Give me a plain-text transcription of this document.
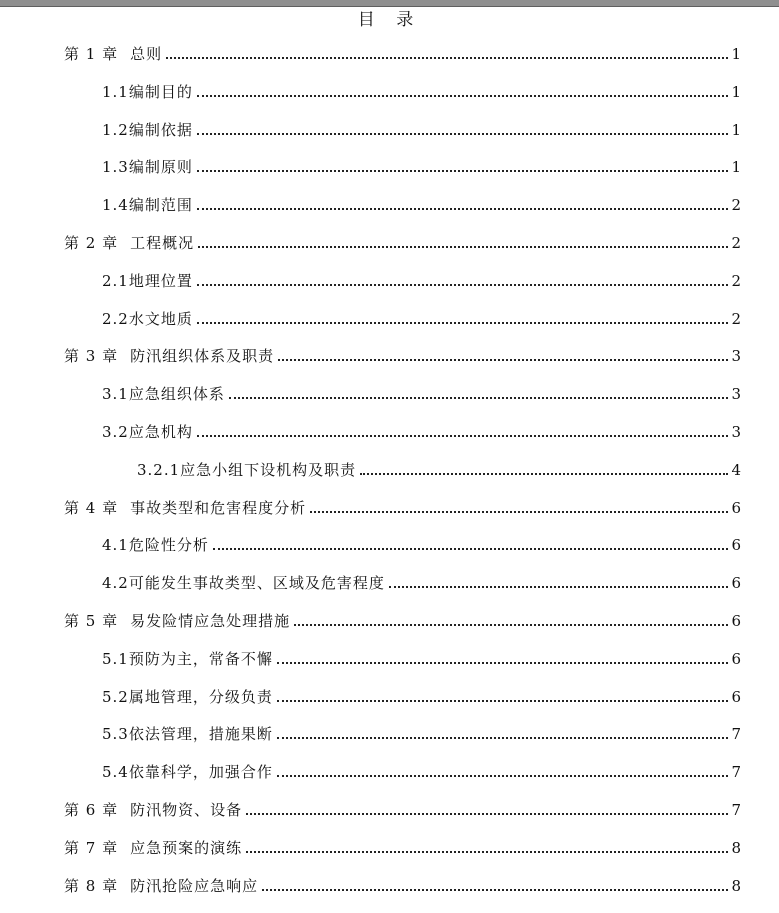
目 录
第 1 章 总则	1
1.1编制目的	1
1.2编制依据	1
1.3编制原则	1
1.4编制范围	2
第 2 章 工程概况	2
2.1地理位置	2
2.2水文地质	2
第 3 章 防汛组织体系及职责	3
3.1应急组织体系	3
3.2应急机构	3
3.2.1应急小组下设机构及职责	4
第 4 章 事故类型和危害程度分析	6
4.1危险性分析	6
4.2可能发生事故类型、区域及危害程度	6
第 5 章 易发险情应急处理措施	6
5.1预防为主，常备不懈	6
5.2属地管理，分级负责	6
5.3依法管理，措施果断	7
5.4依靠科学，加强合作	7
第 6 章 防汛物资、设备	7
第 7 章 应急预案的演练	8
第 8 章 防汛抢险应急响应	8
